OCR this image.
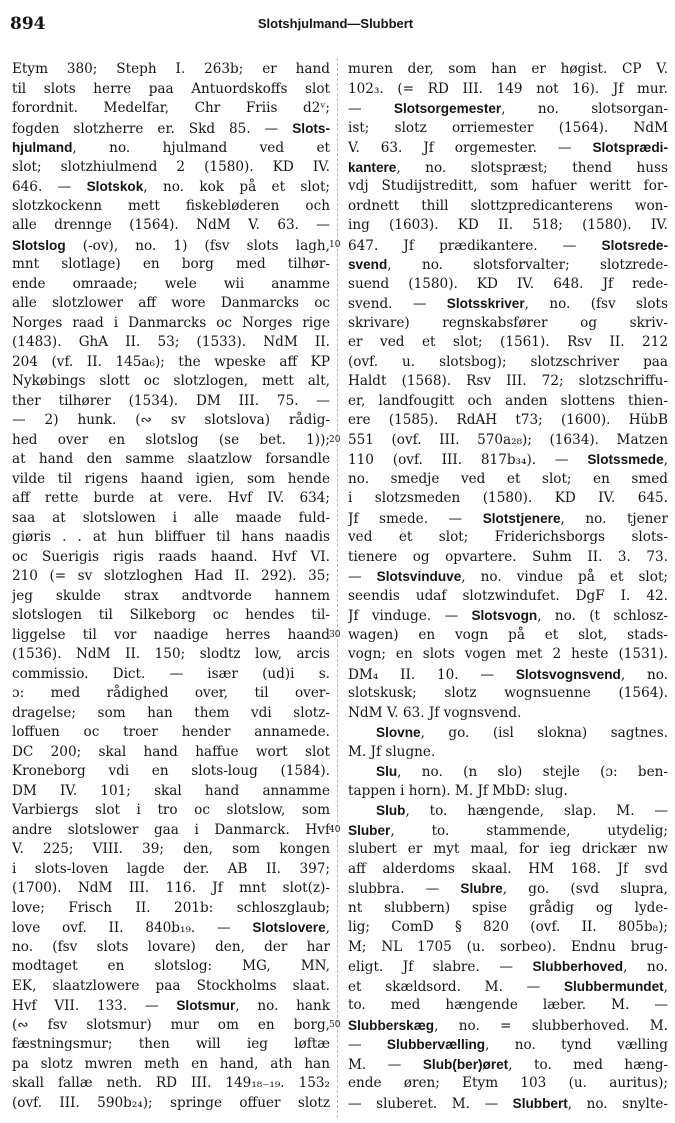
894	Slotshjulmand—Slubbert
Etym 380; Steph I. 263b; er hand
til slots herre paa Antuordskoffs slot
forordnit. Medelfar, Chr Friis d2ᵛ;
fogden slotzherre er. Skd 85. — Slots-
hjulmand, no. hjulmand ved et
slot; slotzhiulmend 2 (1580). KD IV.
646. — Slotskok, no. kok på et slot;
slotzkockenn mett fiskebløderen och
alle drennge (1564). NdM V. 63. —
Slotslog (-ov), no. 1) (fsv slots lagh,
mnt slotlage) en borg med tilhør-
ende omraade; wele wii anamme
alle slotzlower aff wore Danmarcks oc
Norges raad i Danmarcks oc Norges rige
(1483). GhA II. 53; (1533). NdM II.
204 (vf. II. 145a₆); the wpeske aff KP
Nykøbings slott oc slotzlogen, mett alt,
ther tilhører (1534). DM III. 75. —
— 2) hunk. (∾ sv slotslova) rådig-
hed over en slotslog (se bet. 1));
at hand den samme slaatzlow forsandle
vilde til rigens haand igien, som hende
aff rette burde at vere. Hvf IV. 634;
saa at slotslowen i alle maade fuld-
giøris . . at hun bliffuer til hans naadis
oc Suerigis rigis raads haand. Hvf VI.
210 (= sv slotzloghen Had II. 292). 35;
jeg skulde strax andtvorde hannem
slotslogen til Silkeborg oc hendes til-
liggelse til vor naadige herres haand
(1536). NdM II. 150; slodtz low, arcis
commissio. Dict. — især (ud)i s.
ɔ: med rådighed over, til over-
dragelse; som han them vdi slotz-
loffuen oc troer hender annamede.
DC 200; skal hand haffue wort slot
Kroneborg vdi en slots-loug (1584).
DM IV. 101; skal hand annamme
Varbiergs slot i tro oc slotslow, som
andre slotslower gaa i Danmarck. Hvf
V. 225; VIII. 39; den, som kongen
i slots-loven lagde der. AB II. 397;
(1700). NdM III. 116. Jf mnt slot(z)-
love; Frisch II. 201b: schloszglaub;
love ovf. II. 840b₁₉. — Slotslovere,
no. (fsv slots lovare) den, der har
modtaget en slotslog: MG, MN,
EK, slaatzlowere paa Stockholms slaat.
Hvf VII. 133. — Slotsmur, no. hank
(∾ fsv slotsmur) mur om en borg,
fæstningsmur; then will ieg løftæ
pa slotz mwren meth en hand, ath han
skall fallæ neth. RD III. 149₁₈₋₁₉. 153₂
(ovf. III. 590b₂₄); springe offuer slotz
10
20
30
40
50
muren der, som han er høgist. CP V.
102₃. (= RD III. 149 not 16). Jf mur.
— Slotsorgemester, no. slotsorgan-
ist; slotz orriemester (1564). NdM
V. 63. Jf orgemester. — Slotsprædi-
kantere, no. slotspræst; thend huss
vdj Studijstreditt, som hafuer weritt for-
ordnett thill slottzpredicanterens won-
ing (1603). KD II. 518; (1580). IV.
647. Jf prædikantere. — Slotsrede-
svend, no. slotsforvalter; slotzrede-
suend (1580). KD IV. 648. Jf rede-
svend. — Slotsskriver, no. (fsv slots
skrivare) regnskabsfører og skriv-
er ved et slot; (1561). Rsv II. 212
(ovf. u. slotsbog); slotzschriver paa
Haldt (1568). Rsv III. 72; slotzschriffu-
er, landfougitt och anden slottens thien-
ere (1585). RdAH t73; (1600). HübB
551 (ovf. III. 570a₂₈); (1634). Matzen
110 (ovf. III. 817b₃₄). — Slotssmede,
no. smedje ved et slot; en smed
i slotzsmeden (1580). KD IV. 645.
Jf smede. — Slotstjenere, no. tjener
ved et slot; Friderichsborgs slots-
tienere og opvartere. Suhm II. 3. 73.
— Slotsvinduve, no. vindue på et slot;
seendis udaf slotzwindufet. DgF I. 42.
Jf vinduge. — Slotsvogn, no. (t schlosz-
wagen) en vogn på et slot, stads-
vogn; en slots vogen met 2 heste (1531).
DM₄ II. 10. — Slotsvognsvend, no.
slotskusk; slotz wognsuenne (1564).
NdM V. 63. Jf vognsvend.
Slovne, go. (isl slokna) sagtnes.
M. Jf slugne.
Slu, no. (n slo) stejle (ɔ: ben-
tappen i horn). M. Jf MbD: slug.
Slub, to. hængende, slap. M. —
Sluber, to. stammende, utydelig;
slubert er myt maal, for ieg drickær nw
aff alderdoms skaal. HM 168. Jf svd
slubbra. — Slubre, go. (svd slupra,
nt slubbern) spise grådig og lyde-
lig; ComD § 820 (ovf. II. 805b₈);
M; NL 1705 (u. sorbeo). Endnu brug-
eligt. Jf slabre. — Slubberhoved, no.
et skældsord. M. — Slubbermundet,
to. med hængende læber. M. —
Slubberskæg, no. = slubberhoved. M.
— Slubbervælling, no. tynd vælling
M. — Slub(ber)øret, to. med hæng-
ende øren; Etym 103 (u. auritus);
— sluberet. M. — Slubbert, no. snylte-
